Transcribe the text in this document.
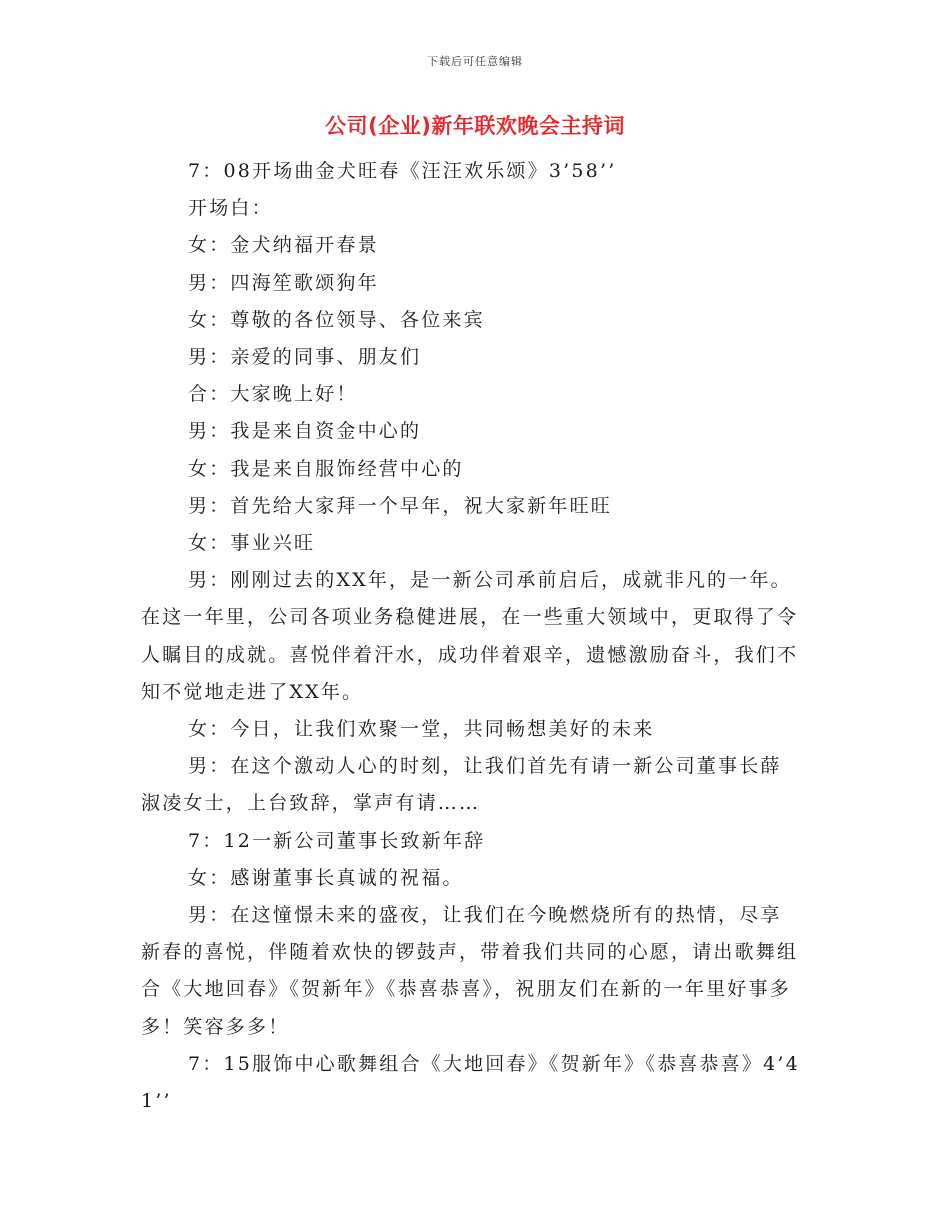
下载后可任意编辑
公司(企业)新年联欢晚会主持词

7：08开场曲金犬旺春《汪汪欢乐颂》3’58’’

开场白：

女：金犬纳福开春景

男：四海笙歌颂狗年

女：尊敬的各位领导、各位来宾

男：亲爱的同事、朋友们

合：大家晚上好！

男：我是来自资金中心的

女：我是来自服饰经营中心的

男：首先给大家拜一个早年，祝大家新年旺旺

女：事业兴旺

男：刚刚过去的XX年，是一新公司承前启后，成就非凡的一年。在这一年里，公司各项业务稳健进展，在一些重大领域中，更取得了令人瞩目的成就。喜悦伴着汗水，成功伴着艰辛，遗憾激励奋斗，我们不知不觉地走进了XX年。

女：今日，让我们欢聚一堂，共同畅想美好的未来

男：在这个激动人心的时刻，让我们首先有请一新公司董事长薛淑凌女士，上台致辞，掌声有请……

7：12一新公司董事长致新年辞

女：感谢董事长真诚的祝福。

男：在这憧憬未来的盛夜，让我们在今晚燃烧所有的热情，尽享新春的喜悦，伴随着欢快的锣鼓声，带着我们共同的心愿，请出歌舞组合《大地回春》《贺新年》《恭喜恭喜》，祝朋友们在新的一年里好事多多！笑容多多！

7：15服饰中心歌舞组合《大地回春》《贺新年》《恭喜恭喜》4’41’’
